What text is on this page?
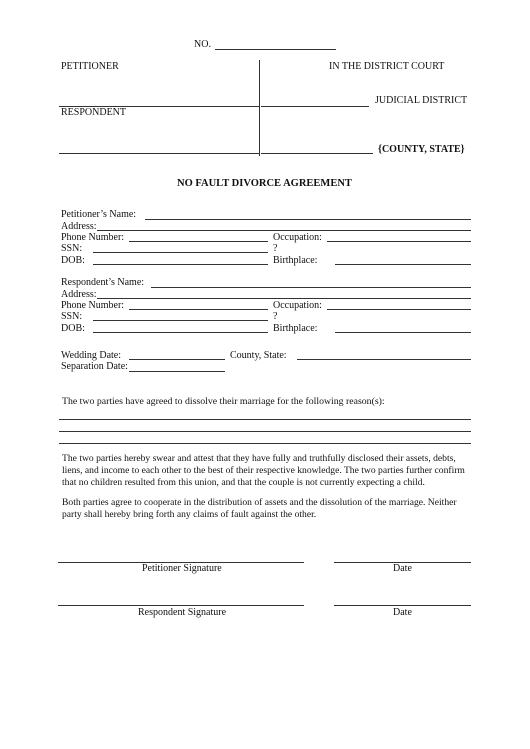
NO.
PETITIONER	IN THE DISTRICT COURT
JUDICIAL DISTRICT
RESPONDENT
{COUNTY, STATE}
NO FAULT DIVORCE AGREEMENT
Petitioner’s Name:
Address:
Phone Number:	Occupation:
SSN:	?
DOB:	Birthplace:
Respondent’s Name:
Address:
Phone Number:	Occupation:
SSN:	?
DOB:	Birthplace:
Wedding Date:	County, State:
Separation Date:
The two parties have agreed to dissolve their marriage for the following reason(s):
The two parties hereby swear and attest that they have fully and truthfully disclosed their assets, debts, liens, and income to each other to the best of their respective knowledge. The two parties further confirm that no children resulted from this union, and that the couple is not currently expecting a child.
Both parties agree to cooperate in the distribution of assets and the dissolution of the marriage. Neither party shall hereby bring forth any claims of fault against the other.
Petitioner Signature	Date
Respondent Signature	Date
